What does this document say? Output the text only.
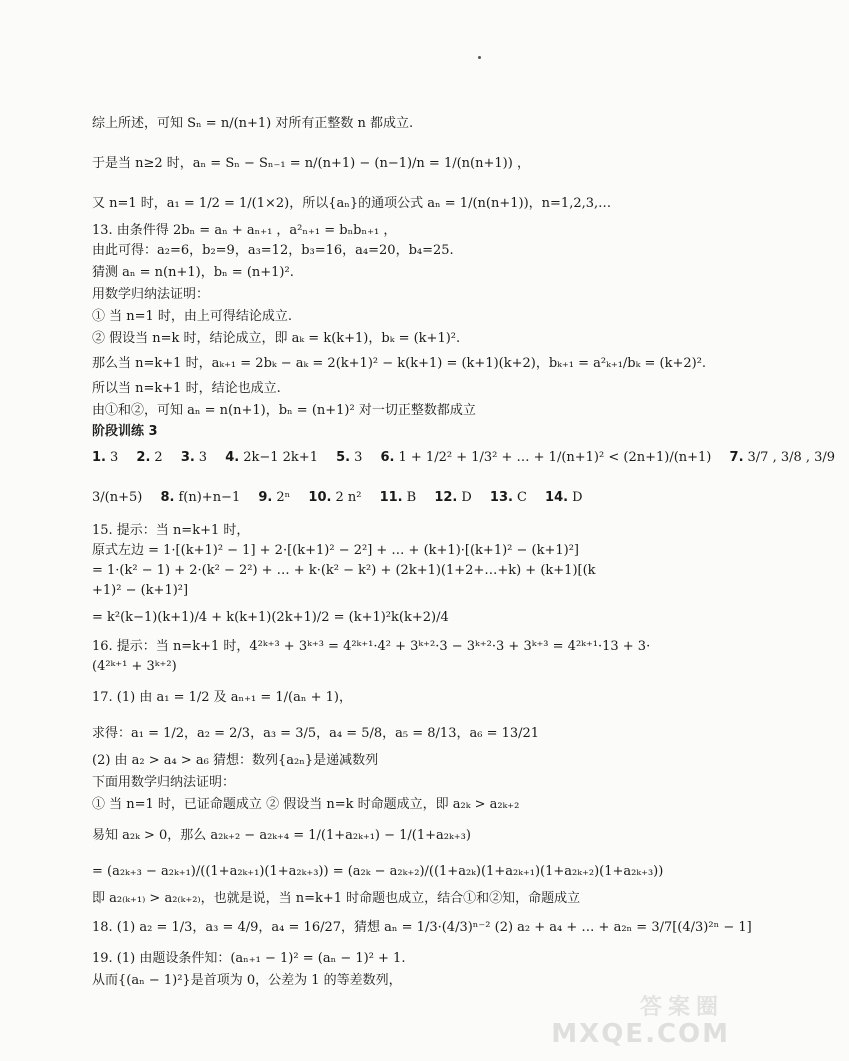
综上所述，可知 Sₙ = n/(n+1) 对所有正整数 n 都成立.
于是当 n≥2 时，aₙ = Sₙ − Sₙ₋₁ = n/(n+1) − (n−1)/n = 1/(n(n+1)) ，
又 n=1 时，a₁ = 1/2 = 1/(1×2)，所以{aₙ}的通项公式 aₙ = 1/(n(n+1))，n=1,2,3,…
13. 由条件得 2bₙ = aₙ + aₙ₊₁ ，a²ₙ₊₁ = bₙbₙ₊₁ ，
由此可得：a₂=6，b₂=9，a₃=12，b₃=16，a₄=20，b₄=25.
猜测 aₙ = n(n+1)，bₙ = (n+1)².
用数学归纳法证明：
① 当 n=1 时，由上可得结论成立.
② 假设当 n=k 时，结论成立，即 aₖ = k(k+1)，bₖ = (k+1)².
那么当 n=k+1 时，aₖ₊₁ = 2bₖ − aₖ = 2(k+1)² − k(k+1) = (k+1)(k+2)，bₖ₊₁ = a²ₖ₊₁/bₖ = (k+2)².
所以当 n=k+1 时，结论也成立.
由①和②，可知 aₙ = n(n+1)，bₙ = (n+1)² 对一切正整数都成立
阶段训练 3
1. 3 2. 2 3. 3 4. 2k−1 2k+1 5. 3 6. 1 + 1/2² + 1/3² + … + 1/(n+1)² < (2n+1)/(n+1) 7. 3/7 , 3/8 , 3/9
3/(n+5) 8. f(n)+n−1 9. 2ⁿ 10. 2 n² 11. B 12. D 13. C 14. D
15. 提示：当 n=k+1 时，
原式左边 = 1·[(k+1)² − 1] + 2·[(k+1)² − 2²] + … + (k+1)·[(k+1)² − (k+1)²]
= 1·(k² − 1) + 2·(k² − 2²) + … + k·(k² − k²) + (2k+1)(1+2+…+k) + (k+1)[(k
+1)² − (k+1)²]
= k²(k−1)(k+1)/4 + k(k+1)(2k+1)/2 = (k+1)²k(k+2)/4
16. 提示：当 n=k+1 时，4²ᵏ⁺³ + 3ᵏ⁺³ = 4²ᵏ⁺¹·4² + 3ᵏ⁺²·3 − 3ᵏ⁺²·3 + 3ᵏ⁺³ = 4²ᵏ⁺¹·13 + 3·
(4²ᵏ⁺¹ + 3ᵏ⁺²)
17. (1) 由 a₁ = 1/2 及 aₙ₊₁ = 1/(aₙ + 1)，
求得：a₁ = 1/2，a₂ = 2/3，a₃ = 3/5，a₄ = 5/8，a₅ = 8/13，a₆ = 13/21
(2) 由 a₂ > a₄ > a₆ 猜想：数列{a₂ₙ}是递减数列
下面用数学归纳法证明：
① 当 n=1 时，已证命题成立 ② 假设当 n=k 时命题成立，即 a₂ₖ > a₂ₖ₊₂
易知 a₂ₖ > 0，那么 a₂ₖ₊₂ − a₂ₖ₊₄ = 1/(1+a₂ₖ₊₁) − 1/(1+a₂ₖ₊₃)
= (a₂ₖ₊₃ − a₂ₖ₊₁)/((1+a₂ₖ₊₁)(1+a₂ₖ₊₃)) = (a₂ₖ − a₂ₖ₊₂)/((1+a₂ₖ)(1+a₂ₖ₊₁)(1+a₂ₖ₊₂)(1+a₂ₖ₊₃))
即 a₂₍ₖ₊₁₎ > a₂₍ₖ₊₂₎，也就是说，当 n=k+1 时命题也成立，结合①和②知，命题成立
18. (1) a₂ = 1/3，a₃ = 4/9，a₄ = 16/27，猜想 aₙ = 1/3·(4/3)ⁿ⁻² (2) a₂ + a₄ + … + a₂ₙ = 3/7[(4/3)²ⁿ − 1]
19. (1) 由题设条件知：(aₙ₊₁ − 1)² = (aₙ − 1)² + 1.
从而{(aₙ − 1)²}是首项为 0，公差为 1 的等差数列，
答案圈
MXQE.COM
